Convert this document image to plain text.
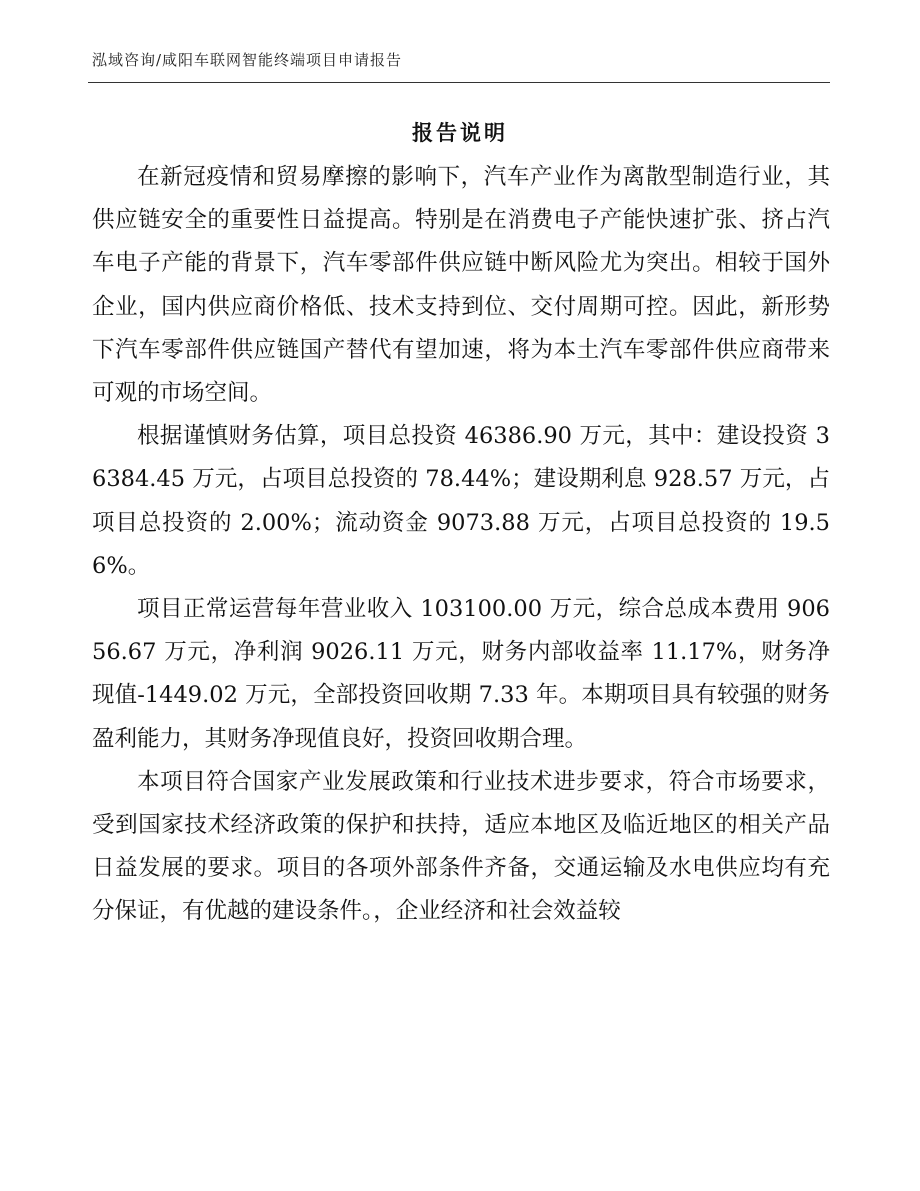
泓域咨询/咸阳车联网智能终端项目申请报告
报告说明

在新冠疫情和贸易摩擦的影响下，汽车产业作为离散型制造行业，其供应链安全的重要性日益提高。特别是在消费电子产能快速扩张、挤占汽车电子产能的背景下，汽车零部件供应链中断风险尤为突出。相较于国外企业，国内供应商价格低、技术支持到位、交付周期可控。因此，新形势下汽车零部件供应链国产替代有望加速，将为本土汽车零部件供应商带来可观的市场空间。

根据谨慎财务估算，项目总投资 46386.90 万元，其中：建设投资 36384.45 万元，占项目总投资的 78.44%；建设期利息 928.57 万元，占项目总投资的 2.00%；流动资金 9073.88 万元，占项目总投资的 19.56%。

项目正常运营每年营业收入 103100.00 万元，综合总成本费用 90656.67 万元，净利润 9026.11 万元，财务内部收益率 11.17%，财务净现值-1449.02 万元，全部投资回收期 7.33 年。本期项目具有较强的财务盈利能力，其财务净现值良好，投资回收期合理。

本项目符合国家产业发展政策和行业技术进步要求，符合市场要求，受到国家技术经济政策的保护和扶持，适应本地区及临近地区的相关产品日益发展的要求。项目的各项外部条件齐备，交通运输及水电供应均有充分保证，有优越的建设条件。，企业经济和社会效益较
